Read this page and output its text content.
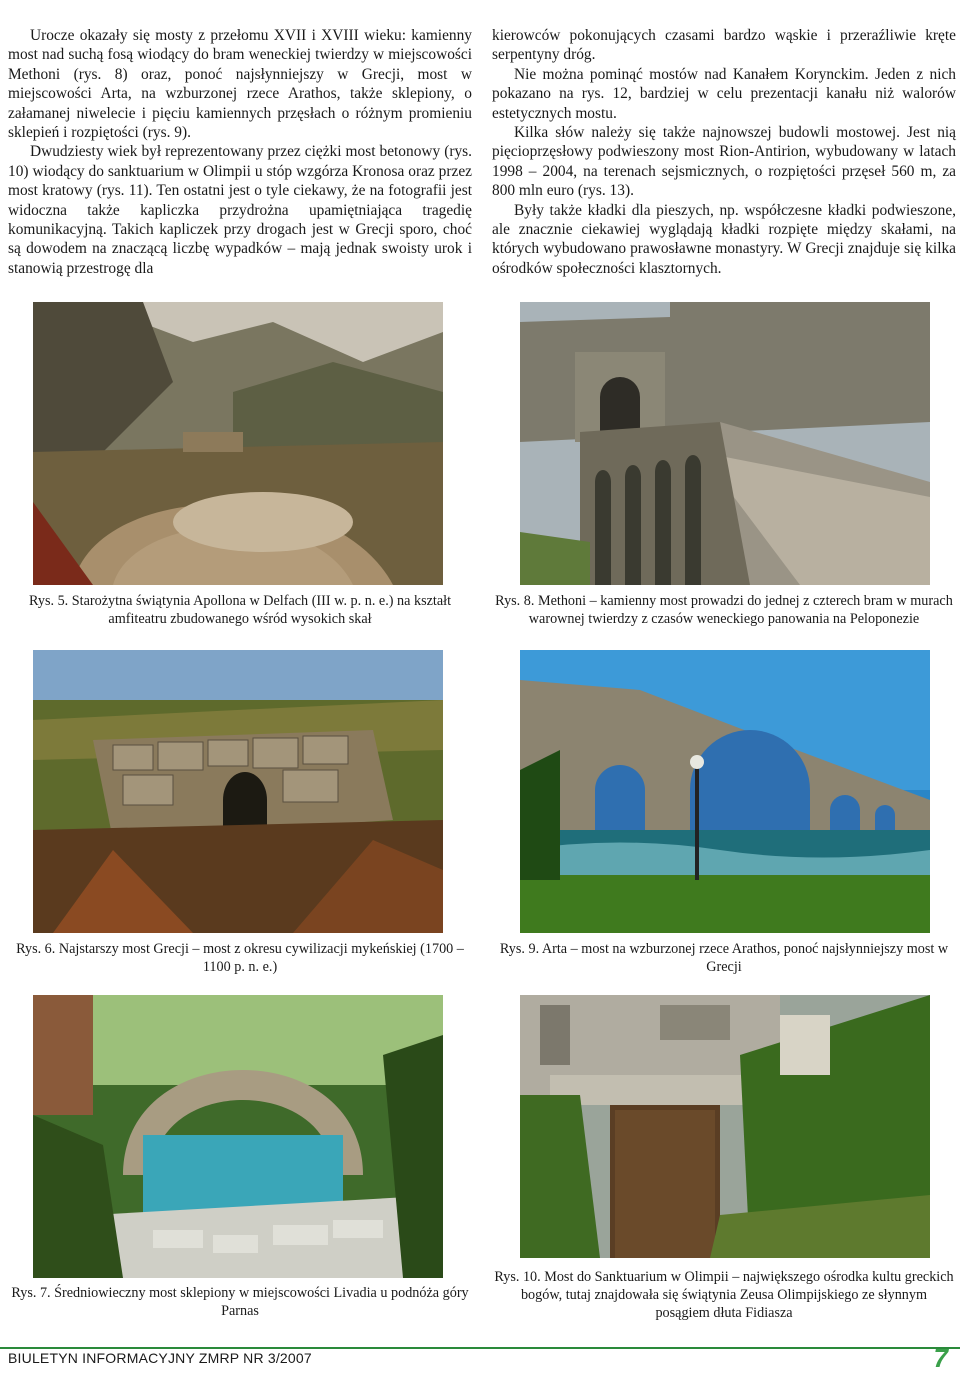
Urocze okazały się mosty z przełomu XVII i XVIII wieku: kamienny most nad suchą fosą wiodący do bram weneckiej twierdzy w miejscowości Methoni (rys. 8) oraz, ponoć najsłynniejszy w Grecji, most w miejscowości Arta, na wzburzonej rzece Arathos, także sklepiony, o załamanej niwelecie i pięciu kamiennych przęsłach o różnym promieniu sklepień i rozpiętości (rys. 9).

Dwudziesty wiek był reprezentowany przez ciężki most betonowy (rys. 10) wiodący do sanktuarium w Olimpii u stóp wzgórza Kronosa oraz przez most kratowy (rys. 11). Ten ostatni jest o tyle ciekawy, że na fotografii jest widoczna także kapliczka przydrożna upamiętniająca tragedię komunikacyjną. Takich kapliczek przy drogach jest w Grecji sporo, choć są dowodem na znaczącą liczbę wypadków – mają jednak swoisty urok i stanowią przestrogę dla

kierowców pokonujących czasami bardzo wąskie i przeraźliwie kręte serpentyny dróg.

Nie można pominąć mostów nad Kanałem Korynckim. Jeden z nich pokazano na rys. 12, bardziej w celu prezentacji kanału niż walorów estetycznych mostu.

Kilka słów należy się także najnowszej budowli mostowej. Jest nią pięcioprzęsłowy podwieszony most Rion-Antirion, wybudowany w latach 1998 – 2004, na terenach sejsmicznych, o rozpiętości przęseł 560 m, za 800 mln euro (rys. 13).

Były także kładki dla pieszych, np. współczesne kładki podwieszone, ale znacznie ciekawiej wyglądają kładki rozpięte między skałami, na których wybudowano prawosławne monastyry. W Grecji znajduje się kilka ośrodków społeczności klasztornych.

Rys. 5. Starożytna świątynia Apollona w Delfach (III w. p. n. e.) na kształt amfiteatru zbudowanego wśród wysokich skał
Rys. 8. Methoni – kamienny most prowadzi do jednej z czterech bram w murach warownej twierdzy z czasów weneckiego panowania na Peloponezie
Rys. 6. Najstarszy most Grecji – most z okresu cywilizacji mykeńskiej (1700 – 1100 p. n. e.)
Rys. 9. Arta – most na wzburzonej rzece Arathos, ponoć najsłynniejszy most w Grecji
Rys. 7. Średniowieczny most sklepiony w miejscowości Livadia u podnóża góry Parnas
Rys. 10. Most do Sanktuarium w Olimpii – największego ośrodka kultu greckich bogów, tutaj znajdowała się świątynia Zeusa Olimpijskiego ze słynnym posągiem dłuta Fidiasza
BIULETYN INFORMACYJNY ZMRP NR 3/2007	7
